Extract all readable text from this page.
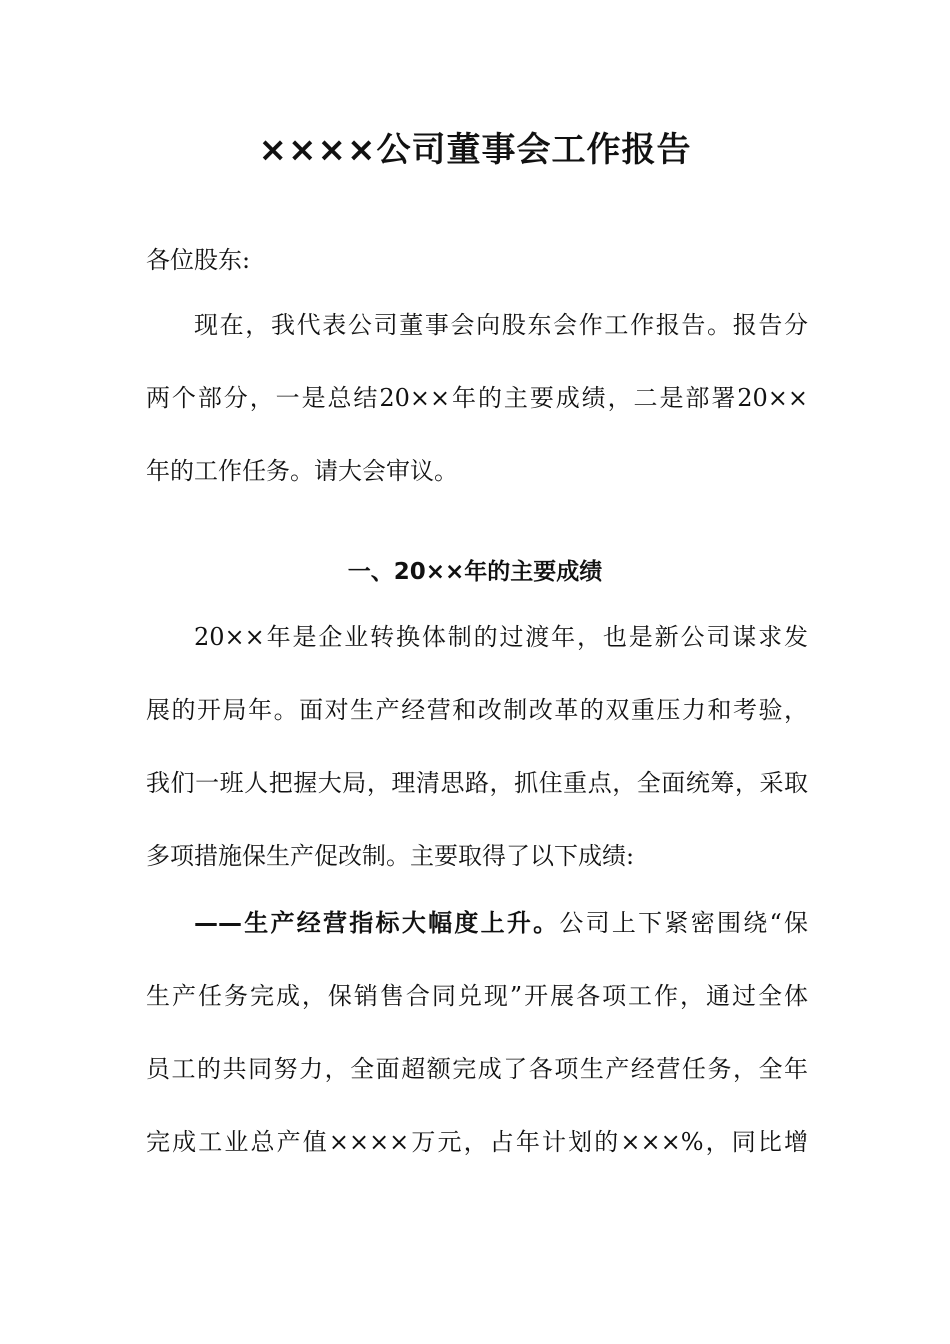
××××公司董事会工作报告

各位股东:

现在，我代表公司董事会向股东会作工作报告。报告分

两个部分，一是总结20××年的主要成绩，二是部署20××

年的工作任务。请大会审议。

一、20××年的主要成绩

20××年是企业转换体制的过渡年，也是新公司谋求发

展的开局年。面对生产经营和改制改革的双重压力和考验，

我们一班人把握大局，理清思路，抓住重点，全面统筹，采取

多项措施保生产促改制。主要取得了以下成绩:

——生产经营指标大幅度上升。公司上下紧密围绕“保

生产任务完成，保销售合同兑现”开展各项工作，通过全体

员工的共同努力，全面超额完成了各项生产经营任务，全年

完成工业总产值××××万元，占年计划的×××%，同比增
